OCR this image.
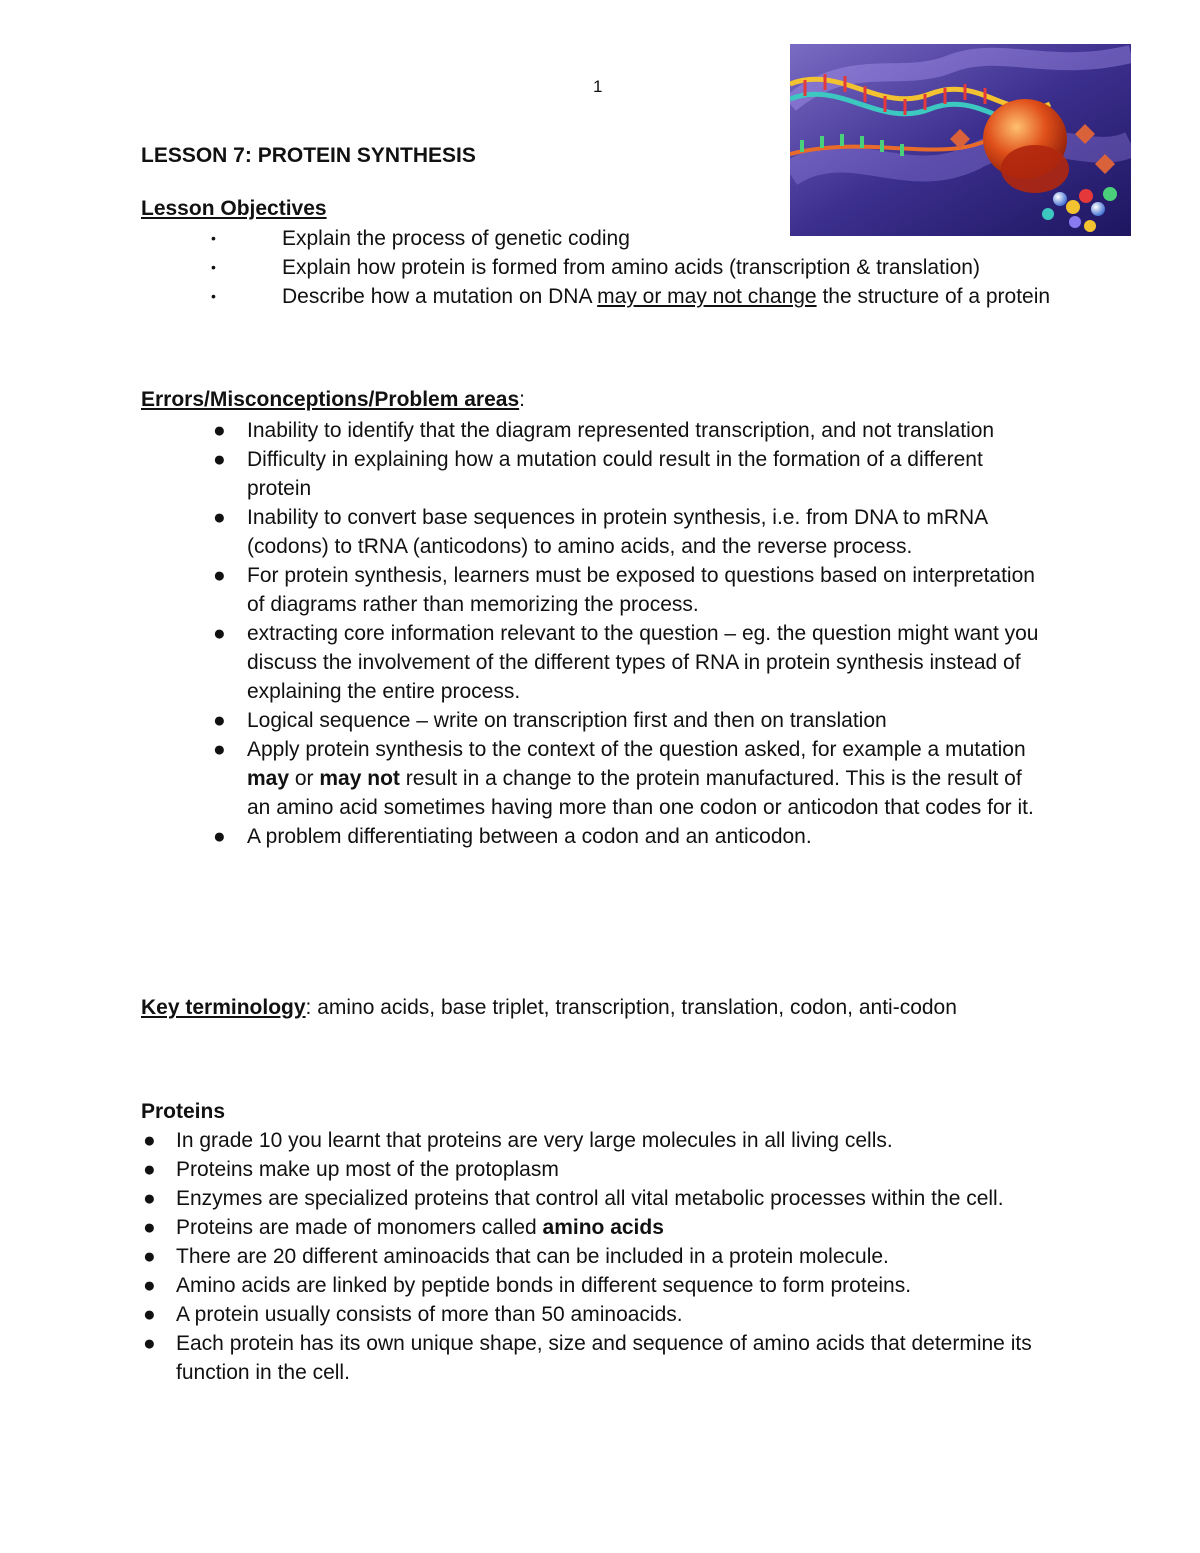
1
LESSON 7: PROTEIN SYNTHESIS
Lesson Objectives
•	Explain the process of genetic coding
•	Explain how protein is formed from amino acids (transcription & translation)
•	Describe how a mutation on DNA may or may not change the structure of a protein
Errors/Misconceptions/Problem areas:
● Inability to identify that the diagram represented transcription, and not translation
● Difficulty in explaining how a mutation could result in the formation of a different protein
● Inability to convert base sequences in protein synthesis, i.e. from DNA to mRNA (codons) to tRNA (anticodons) to amino acids, and the reverse process.
● For protein synthesis, learners must be exposed to questions based on interpretation of diagrams rather than memorizing the process.
● extracting core information relevant to the question – eg. the question might want you discuss the involvement of the different types of RNA in protein synthesis instead of explaining the entire process.
● Logical sequence – write on transcription first and then on translation
● Apply protein synthesis to the context of the question asked, for example a mutation may or may not result in a change to the protein manufactured. This is the result of an amino acid sometimes having more than one codon or anticodon that codes for it.
● A problem differentiating between a codon and an anticodon.
Key terminology: amino acids, base triplet, transcription, translation, codon, anti-codon
Proteins
● In grade 10 you learnt that proteins are very large molecules in all living cells.
● Proteins make up most of the protoplasm
● Enzymes are specialized proteins that control all vital metabolic processes within the cell.
● Proteins are made of monomers called amino acids
● There are 20 different aminoacids that can be included in a protein molecule.
● Amino acids are linked by peptide bonds in different sequence to form proteins.
● A protein usually consists of more than 50 aminoacids.
● Each protein has its own unique shape, size and sequence of amino acids that determine its function in the cell.
